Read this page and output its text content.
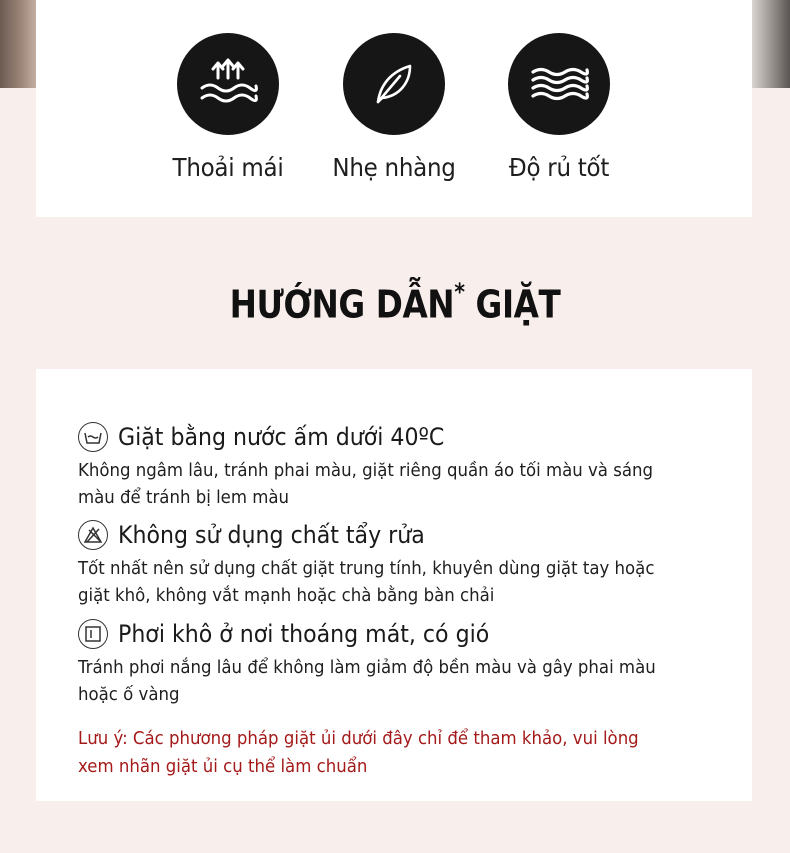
Thoải mái	Nhẹ nhàng	Độ rủ tốt
HƯỚNG DẪN* GIẶT
Giặt bằng nước ấm dưới 40ºC
Không ngâm lâu, tránh phai màu, giặt riêng quần áo tối màu và sáng màu để tránh bị lem màu
Không sử dụng chất tẩy rửa
Tốt nhất nên sử dụng chất giặt trung tính, khuyên dùng giặt tay hoặc giặt khô, không vắt mạnh hoặc chà bằng bàn chải
Phơi khô ở nơi thoáng mát, có gió
Tránh phơi nắng lâu để không làm giảm độ bền màu và gây phai màu hoặc ố vàng
Lưu ý: Các phương pháp giặt ủi dưới đây chỉ để tham khảo, vui lòng xem nhãn giặt ủi cụ thể làm chuẩn
